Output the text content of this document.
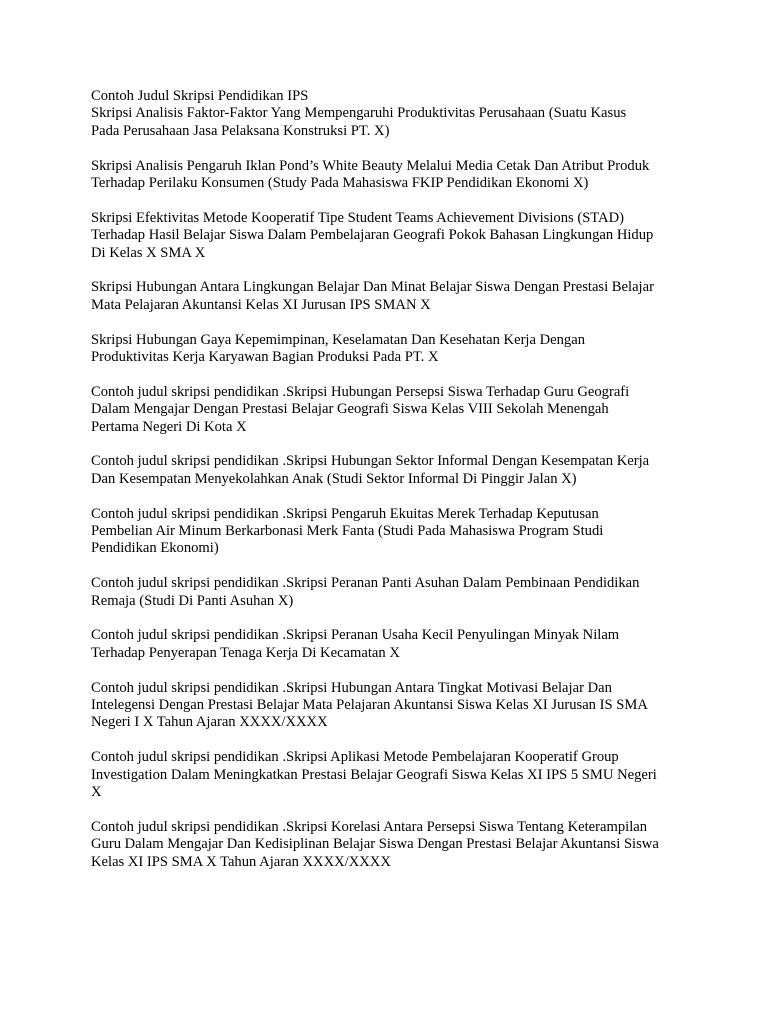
Contoh Judul Skripsi Pendidikan IPS
Skripsi Analisis Faktor-Faktor Yang Mempengaruhi Produktivitas Perusahaan (Suatu Kasus
Pada Perusahaan Jasa Pelaksana Konstruksi PT. X)

Skripsi Analisis Pengaruh Iklan Pond’s White Beauty Melalui Media Cetak Dan Atribut Produk
Terhadap Perilaku Konsumen (Study Pada Mahasiswa FKIP Pendidikan Ekonomi X)

Skripsi Efektivitas Metode Kooperatif Tipe Student Teams Achievement Divisions (STAD)
Terhadap Hasil Belajar Siswa Dalam Pembelajaran Geografi Pokok Bahasan Lingkungan Hidup
Di Kelas X SMA X

Skripsi Hubungan Antara Lingkungan Belajar Dan Minat Belajar Siswa Dengan Prestasi Belajar
Mata Pelajaran Akuntansi Kelas XI Jurusan IPS SMAN X

Skripsi Hubungan Gaya Kepemimpinan, Keselamatan Dan Kesehatan Kerja Dengan
Produktivitas Kerja Karyawan Bagian Produksi Pada PT. X

Contoh judul skripsi pendidikan .Skripsi Hubungan Persepsi Siswa Terhadap Guru Geografi
Dalam Mengajar Dengan Prestasi Belajar Geografi Siswa Kelas VIII Sekolah Menengah
Pertama Negeri Di Kota X

Contoh judul skripsi pendidikan .Skripsi Hubungan Sektor Informal Dengan Kesempatan Kerja
Dan Kesempatan Menyekolahkan Anak (Studi Sektor Informal Di Pinggir Jalan X)

Contoh judul skripsi pendidikan .Skripsi Pengaruh Ekuitas Merek Terhadap Keputusan
Pembelian Air Minum Berkarbonasi Merk Fanta (Studi Pada Mahasiswa Program Studi
Pendidikan Ekonomi)

Contoh judul skripsi pendidikan .Skripsi Peranan Panti Asuhan Dalam Pembinaan Pendidikan
Remaja (Studi Di Panti Asuhan X)

Contoh judul skripsi pendidikan .Skripsi Peranan Usaha Kecil Penyulingan Minyak Nilam
Terhadap Penyerapan Tenaga Kerja Di Kecamatan X

Contoh judul skripsi pendidikan .Skripsi Hubungan Antara Tingkat Motivasi Belajar Dan
Intelegensi Dengan Prestasi Belajar Mata Pelajaran Akuntansi Siswa Kelas XI Jurusan IS SMA
Negeri I X Tahun Ajaran XXXX/XXXX

Contoh judul skripsi pendidikan .Skripsi Aplikasi Metode Pembelajaran Kooperatif Group
Investigation Dalam Meningkatkan Prestasi Belajar Geografi Siswa Kelas XI IPS 5 SMU Negeri
X

Contoh judul skripsi pendidikan .Skripsi Korelasi Antara Persepsi Siswa Tentang Keterampilan
Guru Dalam Mengajar Dan Kedisiplinan Belajar Siswa Dengan Prestasi Belajar Akuntansi Siswa
Kelas XI IPS SMA X Tahun Ajaran XXXX/XXXX
